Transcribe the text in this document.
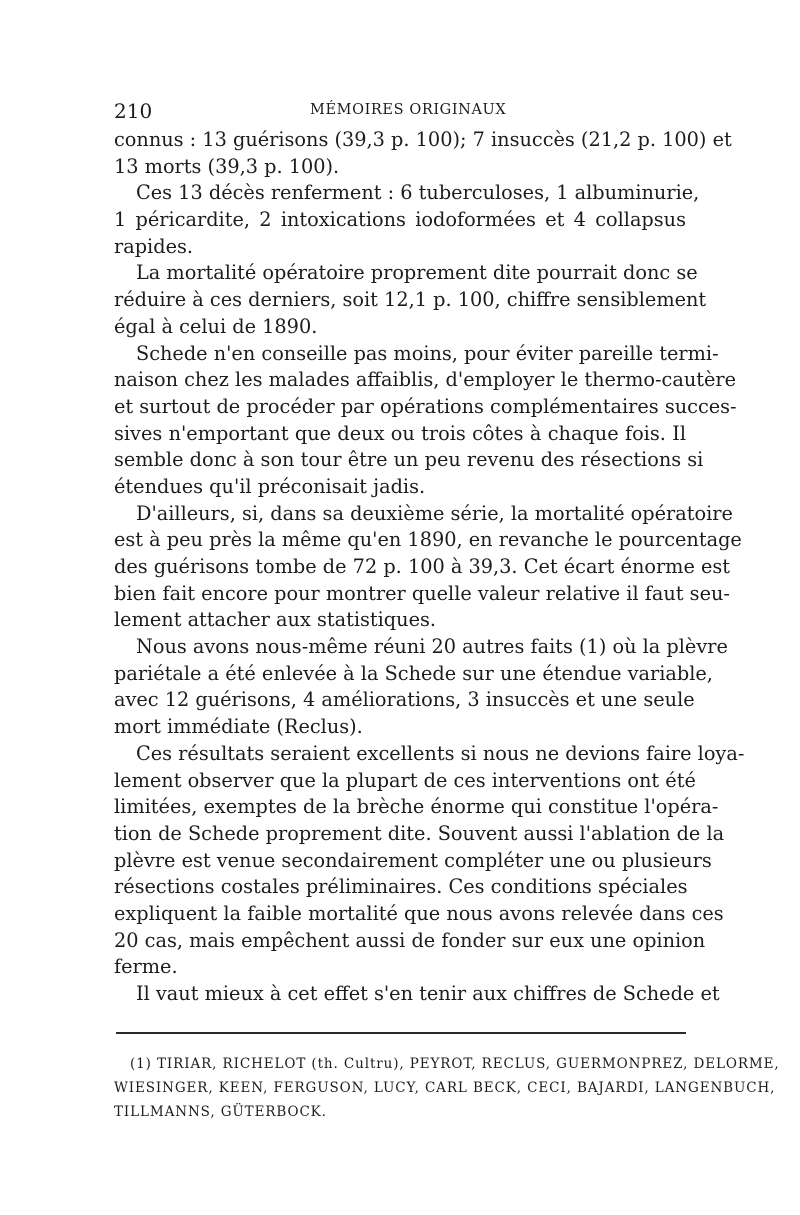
210	MÉMOIRES ORIGINAUX
connus : 13 guérisons (39,3 p. 100); 7 insuccès (21,2 p. 100) et
13 morts (39,3 p. 100).
Ces 13 décès renferment : 6 tuberculoses, 1 albuminurie,
1 péricardite, 2 intoxications iodoformées et 4 collapsus
rapides.
La mortalité opératoire proprement dite pourrait donc se
réduire à ces derniers, soit 12,1 p. 100, chiffre sensiblement
égal à celui de 1890.
Schede n'en conseille pas moins, pour éviter pareille termi-
naison chez les malades affaiblis, d'employer le thermo-cautère
et surtout de procéder par opérations complémentaires succes-
sives n'emportant que deux ou trois côtes à chaque fois. Il
semble donc à son tour être un peu revenu des résections si
étendues qu'il préconisait jadis.
D'ailleurs, si, dans sa deuxième série, la mortalité opératoire
est à peu près la même qu'en 1890, en revanche le pourcentage
des guérisons tombe de 72 p. 100 à 39,3. Cet écart énorme est
bien fait encore pour montrer quelle valeur relative il faut seu-
lement attacher aux statistiques.
Nous avons nous-même réuni 20 autres faits (1) où la plèvre
pariétale a été enlevée à la Schede sur une étendue variable,
avec 12 guérisons, 4 améliorations, 3 insuccès et une seule
mort immédiate (Reclus).
Ces résultats seraient excellents si nous ne devions faire loya-
lement observer que la plupart de ces interventions ont été
limitées, exemptes de la brèche énorme qui constitue l'opéra-
tion de Schede proprement dite. Souvent aussi l'ablation de la
plèvre est venue secondairement compléter une ou plusieurs
résections costales préliminaires. Ces conditions spéciales
expliquent la faible mortalité que nous avons relevée dans ces
20 cas, mais empêchent aussi de fonder sur eux une opinion
ferme.
Il vaut mieux à cet effet s'en tenir aux chiffres de Schede et
(1) TIRIAR, RICHELOT (th. Cultru), PEYROT, RECLUS, GUERMONPREZ, DELORME,
WIESINGER, KEEN, FERGUSON, LUCY, CARL BECK, CECI, BAJARDI, LANGENBUCH,
TILLMANNS, GÜTERBOCK.
